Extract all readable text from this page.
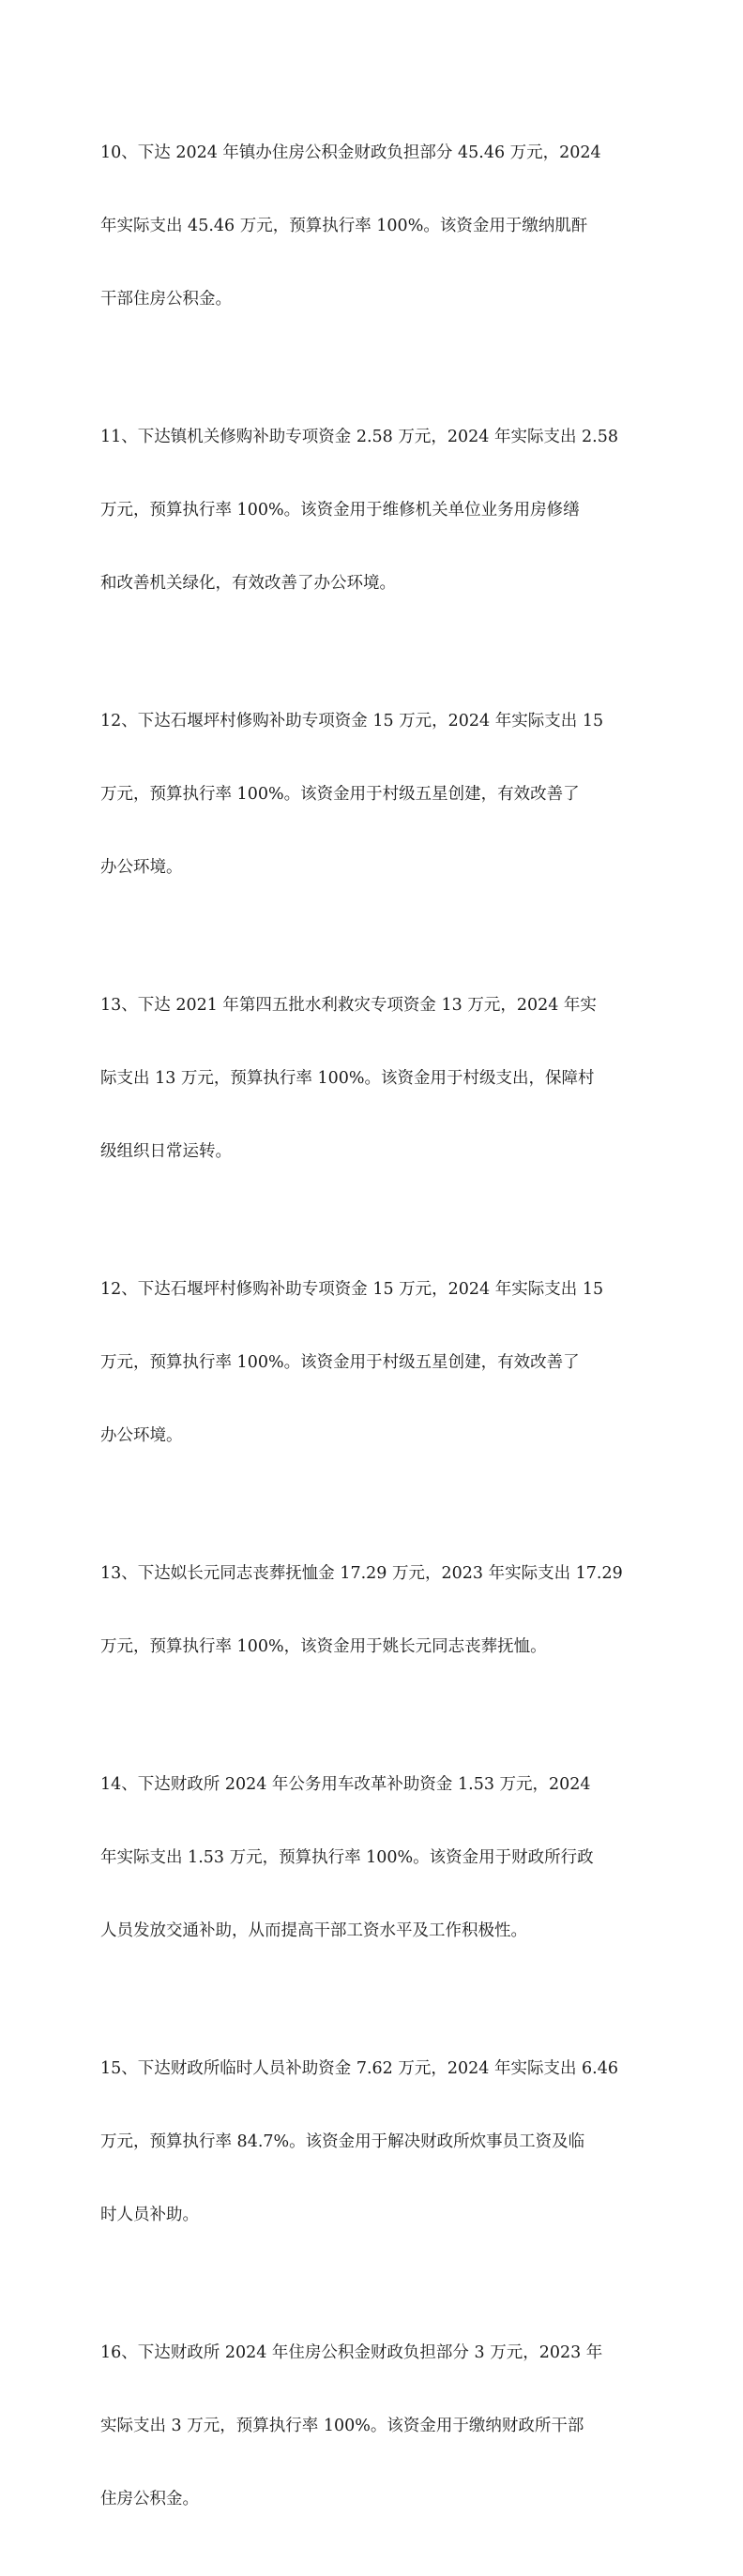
10、下达 2024 年镇办住房公积金财政负担部分 45.46 万元，2024

年实际支出 45.46 万元，预算执行率 100%。该资金用于缴纳肌酐

干部住房公积金。

11、下达镇机关修购补助专项资金 2.58 万元，2024 年实际支出 2.58

万元，预算执行率 100%。该资金用于维修机关单位业务用房修缮

和改善机关绿化，有效改善了办公环境。

12、下达石堰坪村修购补助专项资金 15 万元，2024 年实际支出 15

万元，预算执行率 100%。该资金用于村级五星创建，有效改善了

办公环境。

13、下达 2021 年第四五批水利救灾专项资金 13 万元，2024 年实

际支出 13 万元，预算执行率 100%。该资金用于村级支出，保障村

级组织日常运转。

12、下达石堰坪村修购补助专项资金 15 万元，2024 年实际支出 15

万元，预算执行率 100%。该资金用于村级五星创建，有效改善了

办公环境。

13、下达姒长元同志丧葬抚恤金 17.29 万元，2023 年实际支出 17.29

万元，预算执行率 100%，该资金用于姚长元同志丧葬抚恤。

14、下达财政所 2024 年公务用车改革补助资金 1.53 万元，2024

年实际支出 1.53 万元，预算执行率 100%。该资金用于财政所行政

人员发放交通补助，从而提高干部工资水平及工作积极性。

15、下达财政所临时人员补助资金 7.62 万元，2024 年实际支出 6.46

万元，预算执行率 84.7%。该资金用于解决财政所炊事员工资及临

时人员补助。

16、下达财政所 2024 年住房公积金财政负担部分 3 万元，2023 年

实际支出 3 万元，预算执行率 100%。该资金用于缴纳财政所干部

住房公积金。
